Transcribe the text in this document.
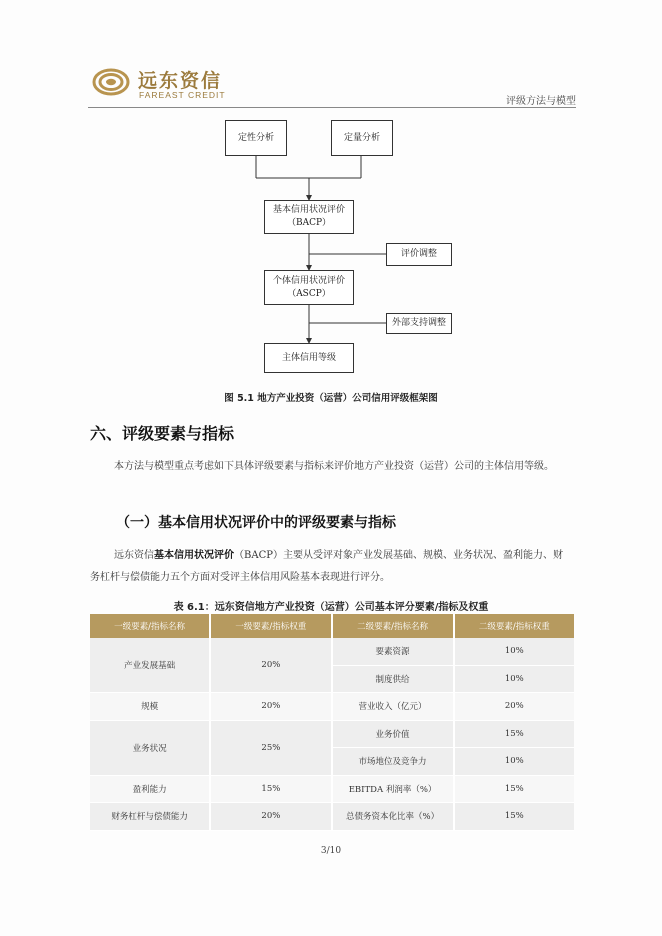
远东资信
FAREAST CREDIT
评级方法与模型
定性分析	定量分析
基本信用状况评价
（BACP）
评价调整
个体信用状况评价
（ASCP）
外部支持调整
主体信用等级
图 5.1 地方产业投资（运营）公司信用评级框架图
六、评级要素与指标
本方法与模型重点考虑如下具体评级要素与指标来评价地方产业投资（运营）公司的主体信用等级。
（一）基本信用状况评价中的评级要素与指标
远东资信基本信用状况评价（BACP）主要从受评对象产业发展基础、规模、业务状况、盈利能力、财务杠杆与偿债能力五个方面对受评主体信用风险基本表现进行评分。
表 6.1：远东资信地方产业投资（运营）公司基本评分要素/指标及权重
一级要素/指标名称	一级要素/指标权重	二级要素/指标名称	二级要素/指标权重
产业发展基础	20%	要素资源	10%
		制度供给	10%
规模	20%	营业收入（亿元）	20%
业务状况	25%	业务价值	15%
		市场地位及竞争力	10%
盈利能力	15%	EBITDA 利润率（%）	15%
财务杠杆与偿债能力	20%	总债务资本化比率（%）	15%
3/10
